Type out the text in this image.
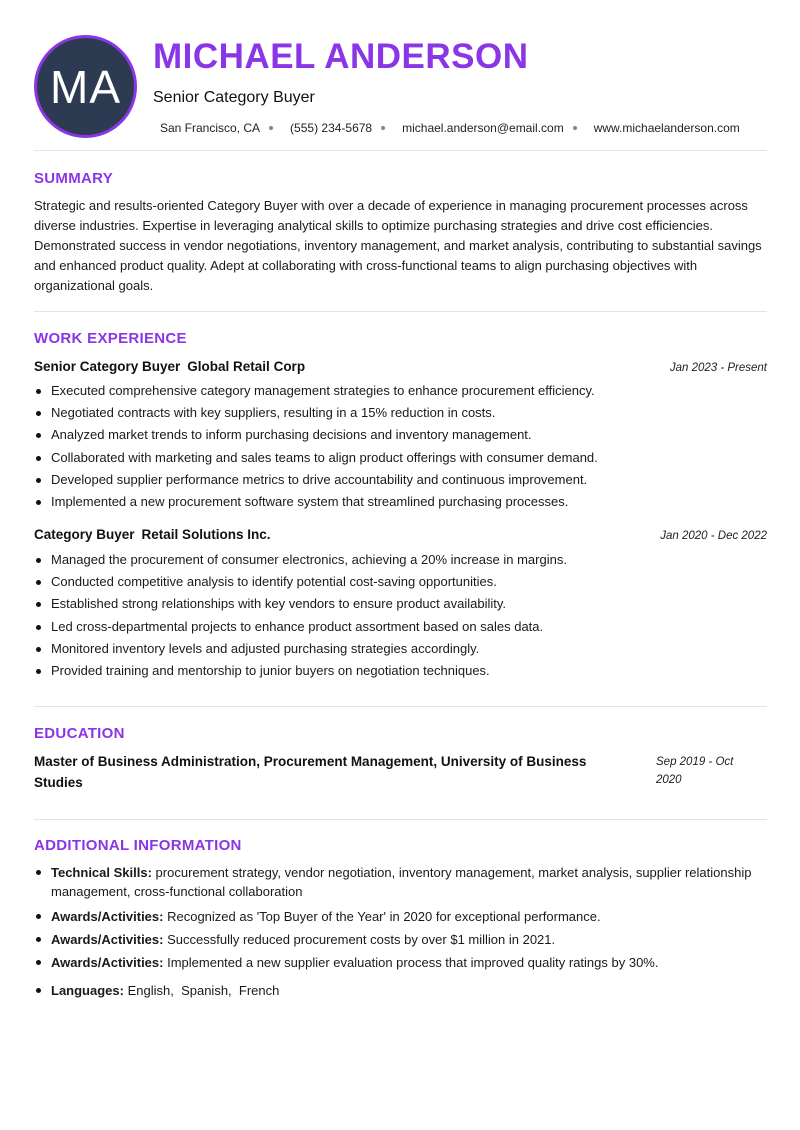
MA
MICHAEL ANDERSON
Senior Category Buyer
San Francisco, CA	(555) 234-5678	michael.anderson@email.com	www.michaelanderson.com
SUMMARY

Strategic and results-oriented Category Buyer with over a decade of experience in managing procurement processes across diverse industries. Expertise in leveraging analytical skills to optimize purchasing strategies and drive cost efficiencies. Demonstrated success in vendor negotiations, inventory management, and market analysis, contributing to substantial savings and enhanced product quality. Adept at collaborating with cross-functional teams to align purchasing objectives with organizational goals.

WORK EXPERIENCE
Senior Category Buyer Global Retail Corp	Jan 2023 - Present
Executed comprehensive category management strategies to enhance procurement efficiency.
Negotiated contracts with key suppliers, resulting in a 15% reduction in costs.
Analyzed market trends to inform purchasing decisions and inventory management.
Collaborated with marketing and sales teams to align product offerings with consumer demand.
Developed supplier performance metrics to drive accountability and continuous improvement.
Implemented a new procurement software system that streamlined purchasing processes.
Category Buyer Retail Solutions Inc.	Jan 2020 - Dec 2022
Managed the procurement of consumer electronics, achieving a 20% increase in margins.
Conducted competitive analysis to identify potential cost-saving opportunities.
Established strong relationships with key vendors to ensure product availability.
Led cross-departmental projects to enhance product assortment based on sales data.
Monitored inventory levels and adjusted purchasing strategies accordingly.
Provided training and mentorship to junior buyers on negotiation techniques.
EDUCATION
Master of Business Administration, Procurement Management, University of Business Studies
Sep 2019 - Oct 2020
ADDITIONAL INFORMATION
Technical Skills: procurement strategy, vendor negotiation, inventory management, market analysis, supplier relationship management, cross-functional collaboration
Awards/Activities: Recognized as 'Top Buyer of the Year' in 2020 for exceptional performance.
Awards/Activities: Successfully reduced procurement costs by over $1 million in 2021.
Awards/Activities: Implemented a new supplier evaluation process that improved quality ratings by 30%.
Languages: English,  Spanish,  French
